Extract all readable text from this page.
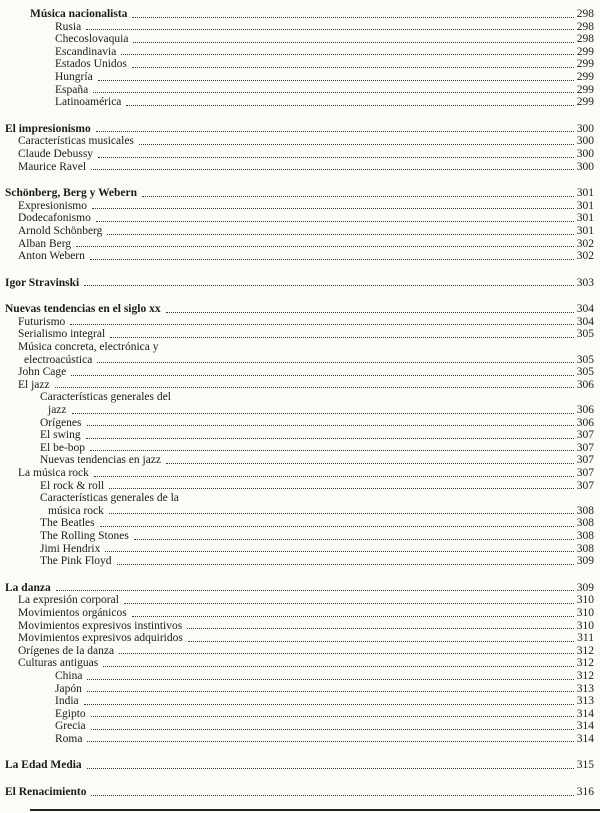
Música nacionalista	298
Rusia	298
Checoslovaquia	298
Escandinavia	299
Estados Unidos	299
Hungría	299
España	299
Latinoamérica	299
El impresionismo	300
Características musicales	300
Claude Debussy	300
Maurice Ravel	300
Schönberg, Berg y Webern	301
Expresionismo	301
Dodecafonismo	301
Arnold Schönberg	301
Alban Berg	302
Anton Webern	302
Igor Stravinski	303
Nuevas tendencias en el siglo xx	304
Futurismo	304
Serialismo integral	305
Música concreta, electrónica y
electroacústica	305
John Cage	305
El jazz	306
Características generales del
jazz	306
Orígenes	306
El swing	307
El be-bop	307
Nuevas tendencias en jazz	307
La música rock	307
El rock & roll	307
Características generales de la
música rock	308
The Beatles	308
The Rolling Stones	308
Jimi Hendrix	308
The Pink Floyd	309
La danza	309
La expresión corporal	310
Movimientos orgánicos	310
Movimientos expresivos instintivos	310
Movimientos expresivos adquiridos	311
Orígenes de la danza	312
Culturas antiguas	312
China	312
Japón	313
India	313
Egipto	314
Grecia	314
Roma	314
La Edad Media	315
El Renacimiento	316
